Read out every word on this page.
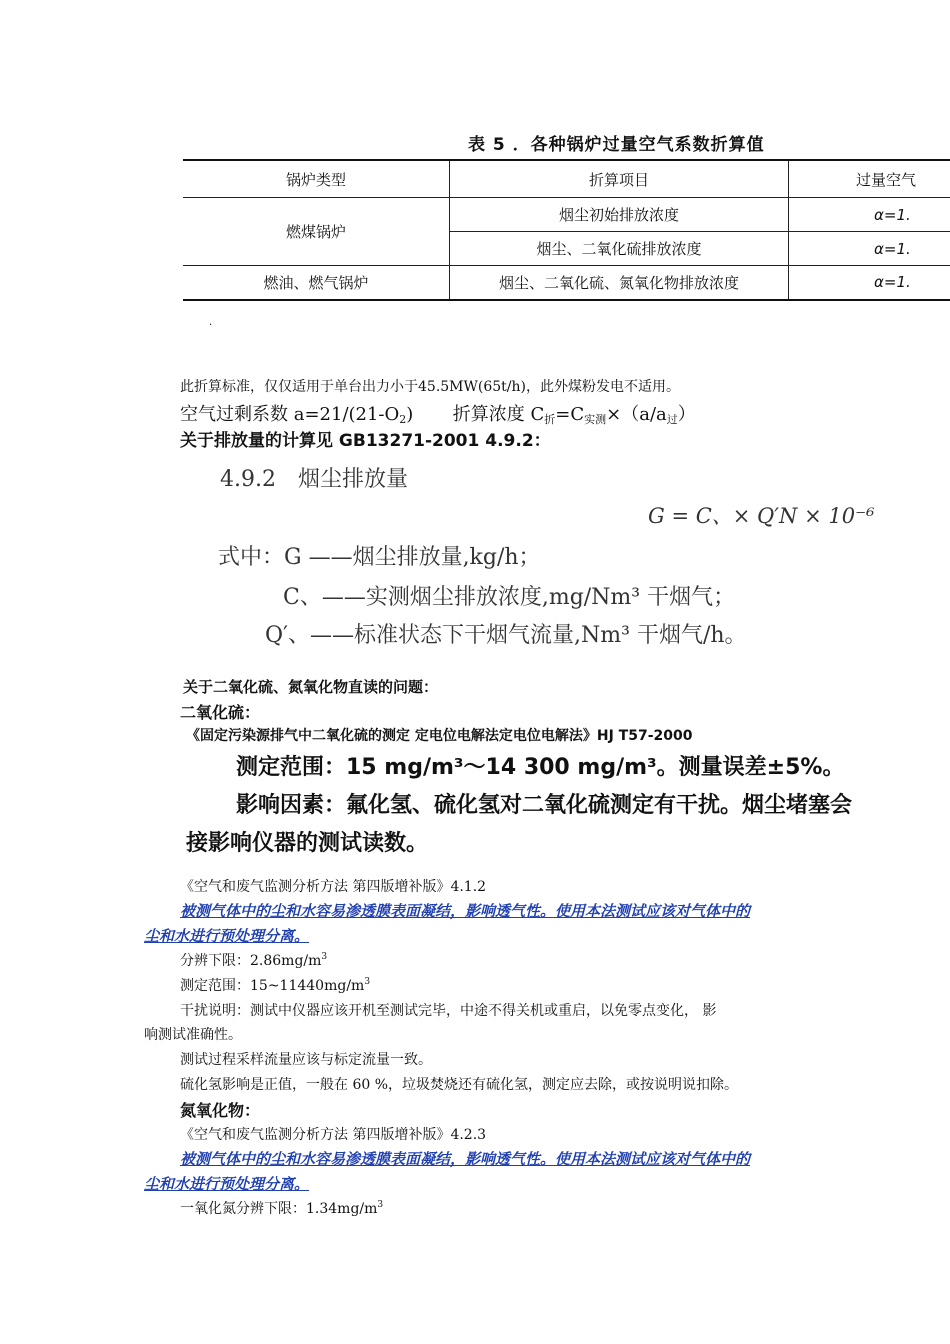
表 5 ．各种锅炉过量空气系数折算值
锅炉类型	折算项目	过量空气
燃煤锅炉	烟尘初始排放浓度	α=1.
	烟尘、二氧化硫排放浓度	α=1.
燃油、燃气锅炉	烟尘、二氧化硫、氮氧化物排放浓度	α=1.
·
此折算标准，仅仅适用于单台出力小于45.5MW(65t/h)，此外煤粉发电不适用。
空气过剩系数 a=21/(21-O2) 折算浓度 C折=C实测×（a/a过）
关于排放量的计算见 GB13271-2001 4.9.2：
4.9.2　烟尘排放量
G = C、× Q′N × 10⁻⁶
式中：G ——烟尘排放量,kg/h；
C、——实测烟尘排放浓度,mg/Nm³ 干烟气；
Q′、——标准状态下干烟气流量,Nm³ 干烟气/h。
关于二氧化硫、氮氧化物直读的问题：
二氧化硫：
《固定污染源排气中二氧化硫的测定 定电位电解法定电位电解法》HJ T57-2000
测定范围：15 mg/m³～14 300 mg/m³。测量误差±5%。
影响因素：氟化氢、硫化氢对二氧化硫测定有干扰。烟尘堵塞会
接影响仪器的测试读数。
《空气和废气监测分析方法 第四版增补版》4.1.2
被测气体中的尘和水容易渗透膜表面凝结，影响透气性。使用本法测试应该对气体中的
尘和水进行预处理分离。
分辨下限：$2.86mg/m^3$
测定范围：$15\sim 11440mg/m^3$
干扰说明：测试中仪器应该开机至测试完毕，中途不得关机或重启，以免零点变化， 影
响测试准确性。
测试过程采样流量应该与标定流量一致。
硫化氢影响是正值，一般在 60 %，垃圾焚烧还有硫化氢，测定应去除，或按说明说扣除。
氮氧化物：
《空气和废气监测分析方法 第四版增补版》4.2.3
被测气体中的尘和水容易渗透膜表面凝结，影响透气性。使用本法测试应该对气体中的
尘和水进行预处理分离。
一氧化氮分辨下限：$1.34mg/m^3$
